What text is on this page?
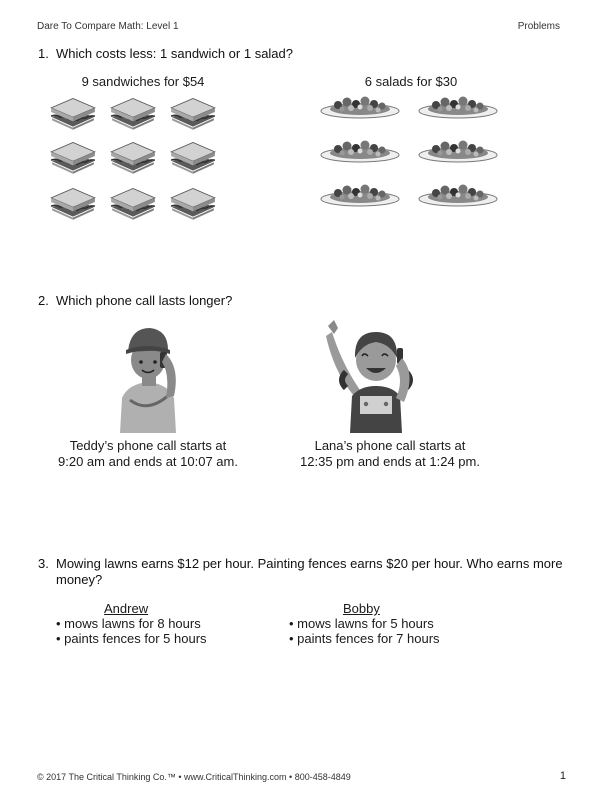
Dare To Compare Math: Level 1	Problems
1. Which costs less: 1 sandwich or 1 salad?
9 sandwiches for $54	6 salads for $30
2. Which phone call lasts longer?
Teddy’s phone call starts at
9:20 am and ends at 10:07 am.
Lana’s phone call starts at
12:35 pm and ends at 1:24 pm.
3. Mowing lawns earns $12 per hour. Painting fences earns $20 per hour. Who earns more
money?
Andrew
• mows lawns for 8 hours
• paints fences for 5 hours
Bobby
• mows lawns for 5 hours
• paints fences for 7 hours
© 2017 The Critical Thinking Co.™ • www.CriticalThinking.com • 800-458-4849	1
